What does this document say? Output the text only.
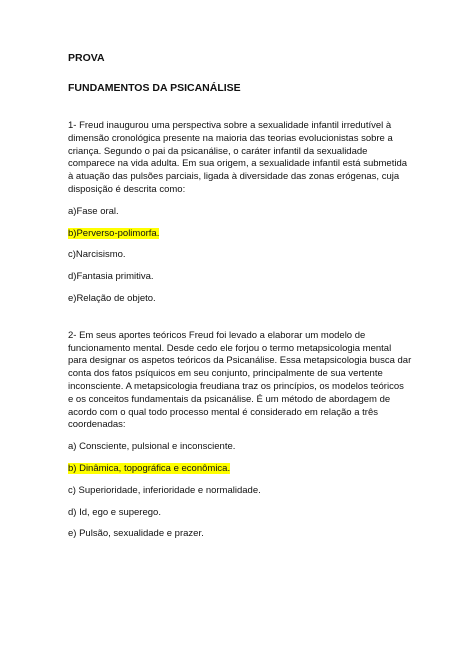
PROVA

FUNDAMENTOS DA PSICANÁLISE

1- Freud inaugurou uma perspectiva sobre a sexualidade infantil irredutível à
dimensão cronológica presente na maioria das teorias evolucionistas sobre a
criança. Segundo o pai da psicanálise, o caráter infantil da sexualidade
comparece na vida adulta. Em sua origem, a sexualidade infantil está submetida
à atuação das pulsões parciais, ligada à diversidade das zonas erógenas, cuja
disposição é descrita como:

a)Fase oral.
b)Perverso-polimorfa.
c)Narcisismo.
d)Fantasia primitiva.
e)Relação de objeto.

2- Em seus aportes teóricos Freud foi levado a elaborar um modelo de
funcionamento mental. Desde cedo ele forjou o termo metapsicologia mental
para designar os aspetos teóricos da Psicanálise. Essa metapsicologia busca dar
conta dos fatos psíquicos em seu conjunto, principalmente de sua vertente
inconsciente. A metapsicologia freudiana traz os princípios, os modelos teóricos
e os conceitos fundamentais da psicanálise. É um método de abordagem de
acordo com o qual todo processo mental é considerado em relação a três
coordenadas:

a) Consciente, pulsional e inconsciente.
b) Dinâmica, topográfica e econômica.
c) Superioridade, inferioridade e normalidade.
d) Id, ego e superego.
e) Pulsão, sexualidade e prazer.
